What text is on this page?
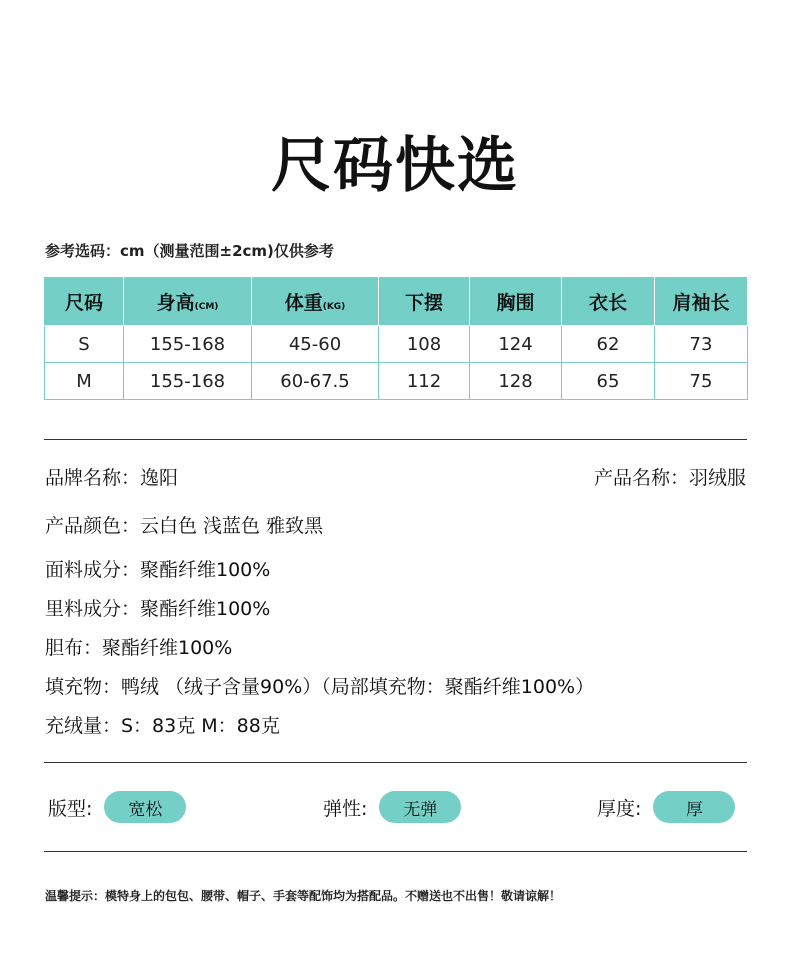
尺码快选
参考选码：cm（测量范围±2cm)仅供参考
尺码	身高(CM)	体重(KG)	下摆	胸围	衣长	肩袖长
S	155-168	45-60	108	124	62	73
M	155-168	60-67.5	112	128	65	75
品牌名称：逸阳	产品名称：羽绒服
产品颜色：云白色 浅蓝色 雅致黑
面料成分：聚酯纤维100%
里料成分：聚酯纤维100%
胆布：聚酯纤维100%
填充物：鸭绒 （绒子含量90%）（局部填充物：聚酯纤维100%）
充绒量：S：83克 M：88克
版型:	宽松	弹性:	无弹	厚度:	厚
温馨提示：模特身上的包包、腰带、帽子、手套等配饰均为搭配品。不赠送也不出售！敬请谅解！
